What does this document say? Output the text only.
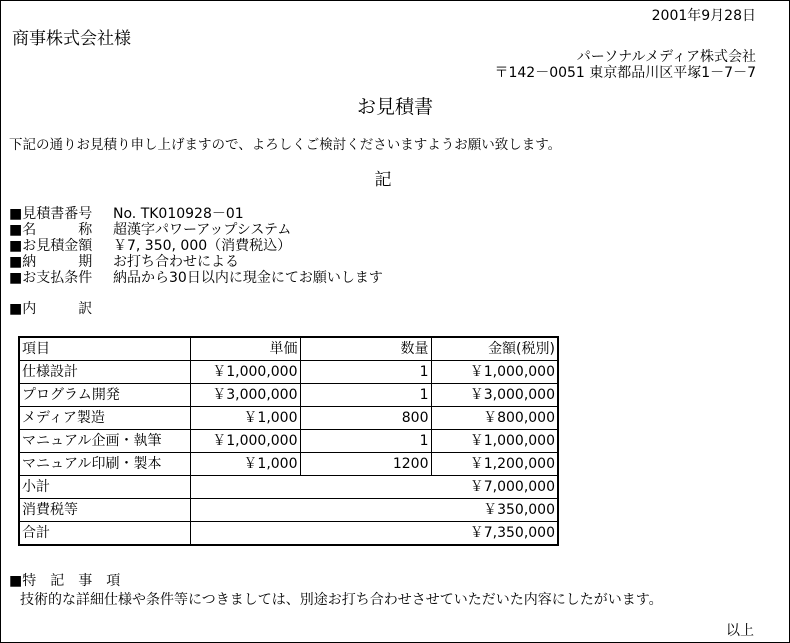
2001年9月28日
商事株式会社様
パーソナルメディア株式会社
〒142－0051 東京都品川区平塚1－7－7
お見積書
下記の通りお見積り申し上げますので、よろしくご検討くださいますようお願い致します。
記
■見積書番号 No. TK010928－01
■名　　　称 超漢字パワーアップシステム
■お見積金額 ￥7, 350, 000（消費税込）
■納　　　期 お打ち合わせによる
■お支払条件 納品から30日以内に現金にてお願いします
■内　　　訳
項目	単価	数量	金額(税別)
仕様設計	￥1,000,000	1	￥1,000,000
プログラム開発	￥3,000,000	1	￥3,000,000
メディア製造	￥1,000	800	￥800,000
マニュアル企画・執筆	￥1,000,000	1	￥1,000,000
マニュアル印刷・製本	￥1,000	1200	￥1,200,000
小計	￥7,000,000		
消費税等	￥350,000		
合計	￥7,350,000		
■特　記　事　項
技術的な詳細仕様や条件等につきましては、別途お打ち合わせさせていただいた内容にしたがいます。
以上
